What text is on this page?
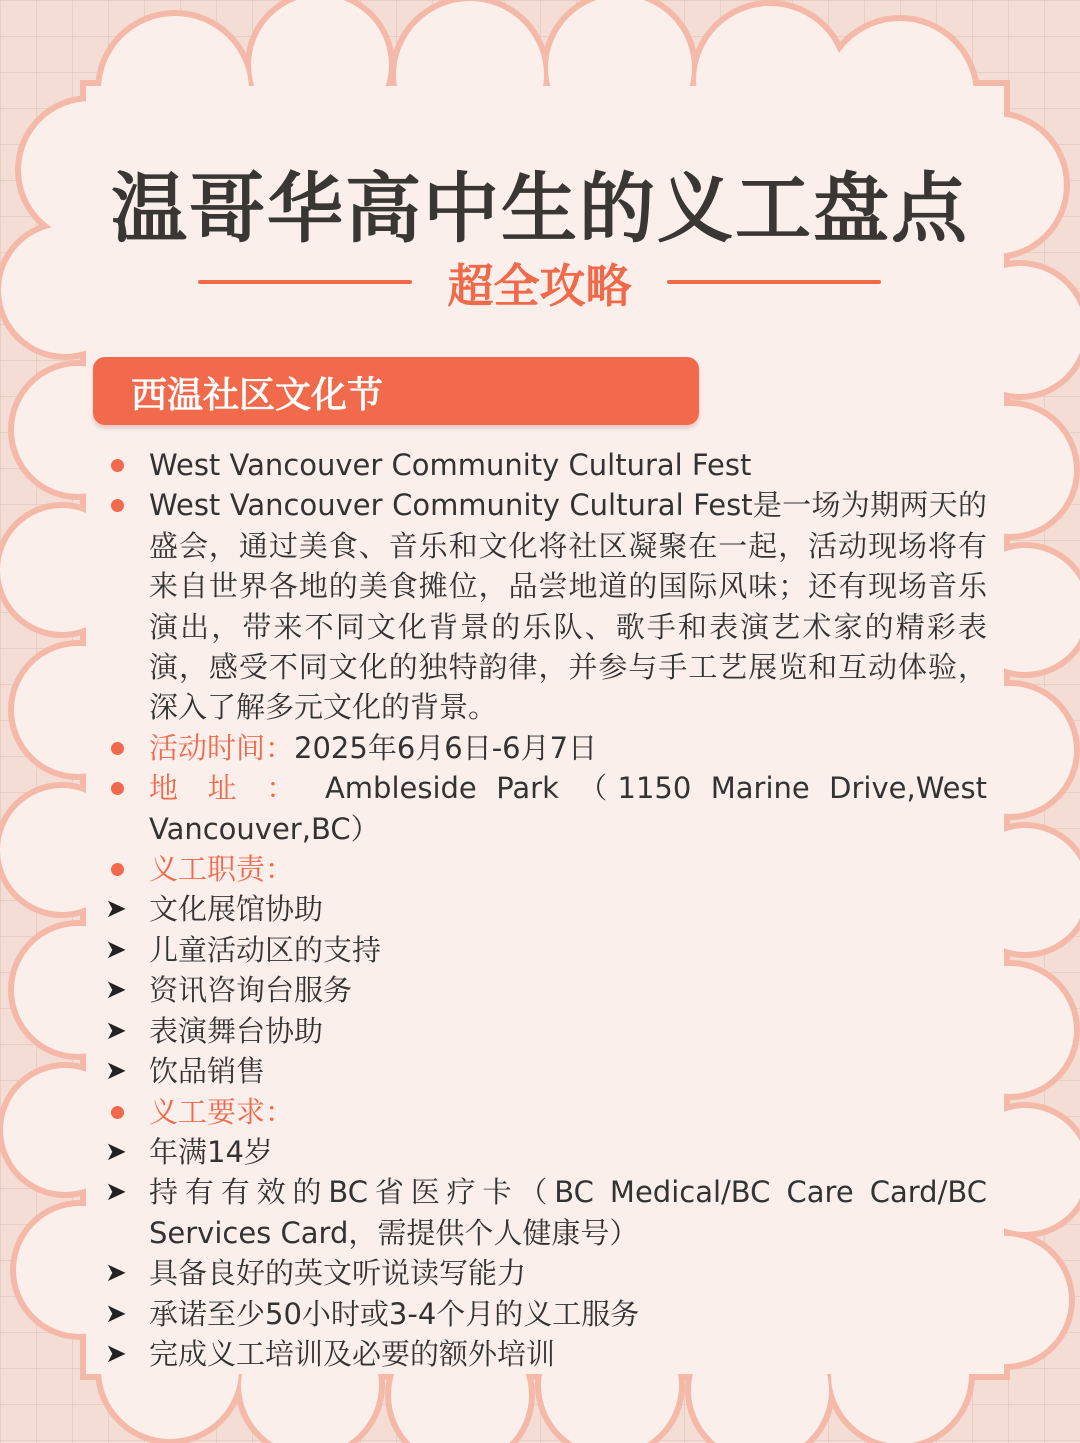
温哥华高中生的义工盘点
超全攻略
西温社区文化节
West Vancouver Community Cultural Fest
West Vancouver Community Cultural Fest是一场为期两天的盛会，通过美食、音乐和文化将社区凝聚在一起，活动现场将有来自世界各地的美食摊位，品尝地道的国际风味；还有现场音乐演出，带来不同文化背景的乐队、歌手和表演艺术家的精彩表演，感受不同文化的独特韵律，并参与手工艺展览和互动体验，深入了解多元文化的背景。
活动时间：2025年6月6日-6月7日
地 址 ： Ambleside Park （1150 Marine Drive,West Vancouver,BC）
义工职责：
➤ 文化展馆协助
➤ 儿童活动区的支持
➤ 资讯咨询台服务
➤ 表演舞台协助
➤ 饮品销售
义工要求：
➤ 年满14岁
➤ 持有有效的BC省医疗卡（BC Medical/BC Care Card/BC Services Card，需提供个人健康号）
➤ 具备良好的英文听说读写能力
➤ 承诺至少50小时或3-4个月的义工服务
➤ 完成义工培训及必要的额外培训
